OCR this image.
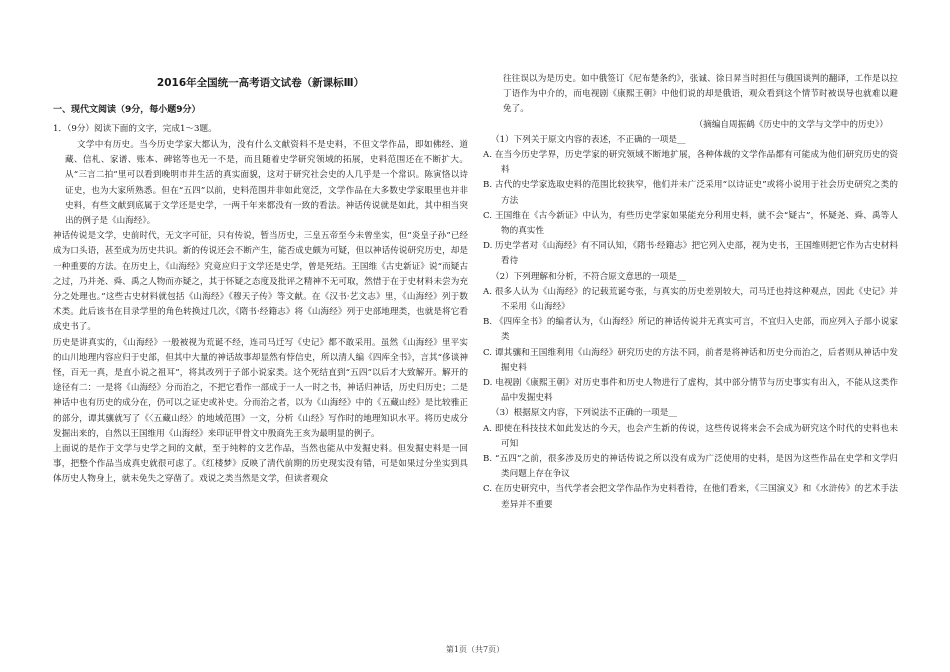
2016年全国统一高考语文试卷（新课标Ⅲ）
一、现代文阅读（9分，每小题9分）
1．（9分）阅读下面的文字，完成1～3题。

文学中有历史。当今历史学家大都认为，没有什么文献资料不是史料，不但文学作品，即如佛经、道藏、信札、家谱、账本、碑铭等也无一不是，而且随着史学研究领域的拓展，史料范围还在不断扩大。从“三言二拍”里可以看到晚明市井生活的真实面貌，这对于研究社会史的人几乎是一个常识。陈寅恪以诗证史，也为大家所熟悉。但在“五四”以前，史料范围并非如此宽泛，文学作品在大多数史学家眼里也并非史料，有些文献到底属于文学还是史学，一两千年来都没有一致的看法。神话传说就是如此，其中相当突出的例子是《山海经》。

神话传说是文学，史前时代，无文字可征，只有传说，暂当历史，三皇五帝至今未曾坐实，但“炎皇子孙”已经成为口头语，甚至成为历史共识。新的传说还会不断产生，能否成史颇为可疑，但以神话传说研究历史，却是一种重要的方法。在历史上，《山海经》究竟应归于文学还是史学，曾是死结。王国维《古史新证》说“而疑古之过，乃并尧、舜、禹之人物而亦疑之，其于怀疑之态度及批评之精神不无可取，然惜于在于史材料未尝为充分之处理也。”这些古史材料就包括《山海经》《穆天子传》等文献。在《汉书·艺文志》里，《山海经》列于数术类。此后该书在目录学里的角色转换过几次，《隋书·经籍志》将《山海经》列于史部地理类，也就是将它看成史书了。

历史是讲真实的，《山海经》一般被视为荒诞不经，连司马迁写《史记》都不敢采用。虽然《山海经》里平实的山川地理内容应归于史部，但其中大量的神话故事却显然有悖信史，所以清人编《四库全书》，言其“侈谈神怪，百无一真，是直小说之祖耳”，将其改列于子部小说家类。这个死结直到“五四”以后才大致解开。解开的途径有二：一是将《山海经》分而治之，不把它看作一部成于一人一时之书，神话归神话，历史归历史；二是神话中也有历史的成分在，仍可以之证史或补史。分而治之者，以为《山海经》中的《五藏山经》是比较雅正的部分，谭其骧就写了《〈五藏山经〉的地域范围》一文，分析《山经》写作时的地理知识水平。将历史成分发掘出来的，自然以王国维用《山海经》来印证甲骨文中殷商先王亥为最明显的例子。

上面说的是作于文学与史学之间的文献，至于纯粹的文艺作品，当然也能从中发掘史料。但发掘史料是一回事，把整个作品当成真史就很可虑了。《红楼梦》反映了清代前期的历史现实没有错，可是如果过分坐实到具体历史人物身上，就未免失之穿凿了。戏说之类当然是文学，但读者观众

往往误以为是历史。如中俄签订《尼布楚条约》，张诚、徐日昇当时担任与俄国谈判的翻译，工作是以拉丁语作为中介的，而电视剧《康熙王朝》中他们说的却是俄语，观众看到这个情节时被误导也就难以避免了。

（摘编自周振鹤《历史中的文学与文学中的历史》）

（1）下列关于原文内容的表述，不正确的一项是__

A. 在当今历史学界，历史学家的研究领域不断地扩展，各种体裁的文学作品都有可能成为他们研究历史的资料

B. 古代的史学家选取史料的范围比较狭窄，他们并未广泛采用“以诗证史”或将小说用于社会历史研究之类的方法

C. 王国维在《古今新证》中认为，有些历史学家如果能充分利用史料，就不会“疑古”，怀疑尧、舜、禹等人物的真实性

D. 历史学者对《山海经》有不同认知，《隋书·经籍志》把它列入史部，视为史书，王国维则把它作为古史材料看待

（2）下列理解和分析，不符合原文意思的一项是__

A. 很多人认为《山海经》的记载荒诞夸张，与真实的历史差别较大，司马迁也持这种观点，因此《史记》并不采用《山海经》

B. 《四库全书》的编者认为，《山海经》所记的神话传说并无真实可言，不宜归入史部，而应列入子部小说家类

C. 谭其骧和王国维利用《山海经》研究历史的方法不同，前者是将神话和历史分而治之，后者则从神话中发掘史料

D. 电视剧《康熙王朝》对历史事件和历史人物进行了虚构，其中部分情节与历史事实有出入，不能从这类作品中发掘史料

（3）根据原文内容，下列说法不正确的一项是__

A. 即使在科技技术如此发达的今天，也会产生新的传说，这些传说将来会不会成为研究这个时代的史料也未可知

B. “五四”之前，很多涉及历史的神话传说之所以没有成为广泛使用的史料，是因为这些作品在史学和文学归类问题上存在争议

C. 在历史研究中，当代学者会把文学作品作为史料看待，在他们看来，《三国演义》和《水浒传》的艺术手法差异并不重要

第1页（共7页）
